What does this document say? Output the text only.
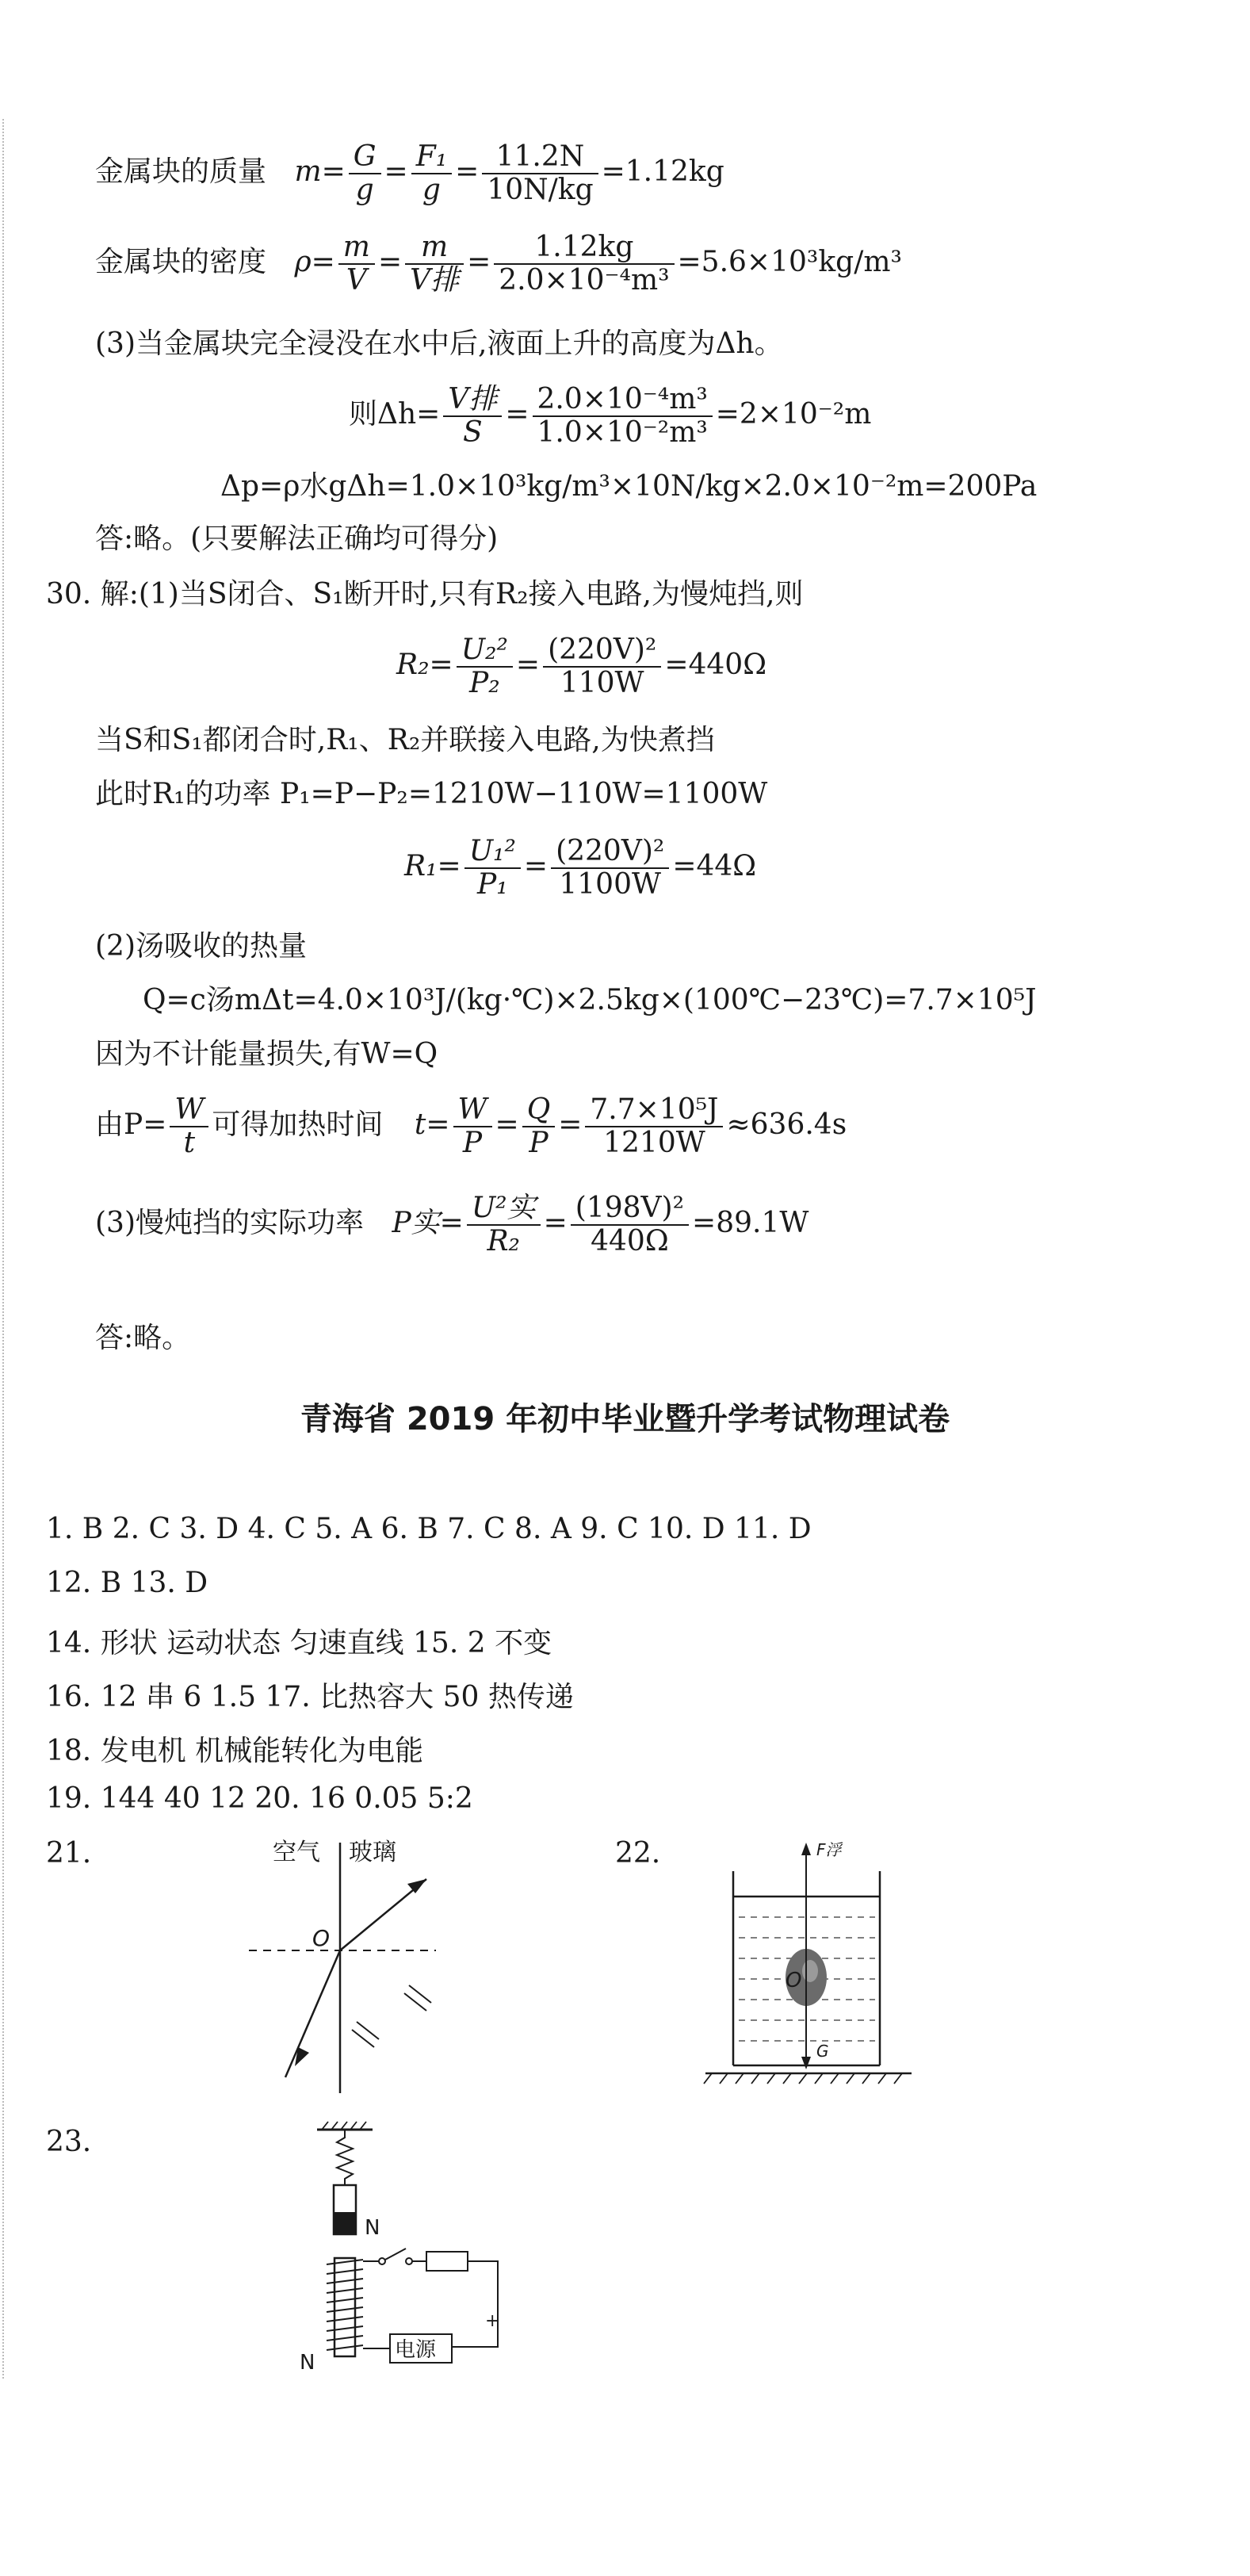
金属块的质量 $m= \frac{G}{g} = \frac{\text{F₁}}{g} = \frac{11.2N}{10N/kg} =1.12kg$
金属块的密度 $\rho= \frac{m}{V} = \frac{m}{\text{V排}} = \frac{1.12kg}{\text{2.0×10⁻⁴m³}} =5.6\times 10^3kg/m^3$
(3)当金属块完全浸没在水中后,液面上升的高度为Δh。
则$\Delta h= \frac{\text{V排}}{S} = \frac{\text{2.0×10⁻⁴m³}}{\text{1.0×10⁻²m³}} =2\times 10^{-2}m$
Δp=ρ水gΔh=1.0×10³kg/m³×10N/kg×2.0×10⁻²m=200Pa
答:略。(只要解法正确均可得分)
30. 解:(1)当S闭合、S₁断开时,只有R₂接入电路,为慢炖挡,则
$R_2= \frac{\text{U₂²}}{\text{P₂}} = \frac{\text{(220V)²}}{110W} =440\Omega$
当S和S₁都闭合时,R₁、R₂并联接入电路,为快煮挡
此时R₁的功率 P₁=P−P₂=1210W−110W=1100W
$R_1= \frac{\text{U₁²}}{\text{P₁}} = \frac{\text{(220V)²}}{1100W} =44\Omega$
(2)汤吸收的热量
Q=c汤mΔt=4.0×10³J/(kg·℃)×2.5kg×(100℃−23℃)=7.7×10⁵J
因为不计能量损失,有W=Q
由$P= \frac{W}{t}$ 可得加热时间 $t= \frac{W}{P} = \frac{Q}{P} = \frac{\text{7.7×10⁵J}}{1210W} \approx 636.4s$
(3)慢炖挡的实际功率 P实= $\frac{\text{U²实}}{\text{R₂}} = \frac{\text{(198V)²}}{440\Omega} =89.1W$
答:略。
青海省 2019 年初中毕业暨升学考试物理试卷
1. B 2. C 3. D 4. C 5. A 6. B 7. C 8. A 9. C 10. D 11. D
12. B 13. D
14. 形状 运动状态 匀速直线 15. 2 不变
16. 12 串 6 1.5 17. 比热容大 50 热传递
18. 发电机 机械能转化为电能
19. 144 40 12 20. 16 0.05 5:2
21.	空气 玻璃
O
22.
O
F浮
G
23.
N
N
+
电源
